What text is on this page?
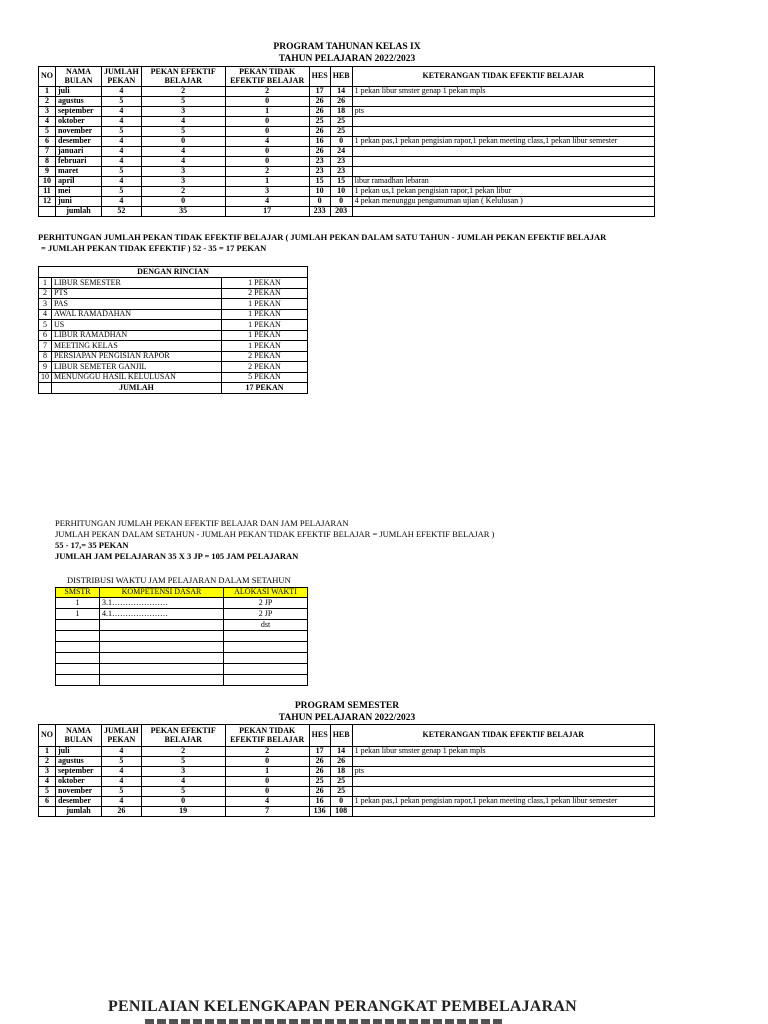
PROGRAM TAHUNAN KELAS IX
TAHUN PELAJARAN 2022/2023
NO	NAMA BULAN	JUMLAH PEKAN	PEKAN EFEKTIF BELAJAR	PEKAN TIDAK EFEKTIF BELAJAR	HES	HEB	KETERANGAN TIDAK EFEKTIF BELAJAR
1	juli	4	2	2	17	14	1 pekan libur smster genap 1 pekan mpls
2	agustus	5	5	0	26	26	
3	september	4	3	1	26	18	pts
4	oktober	4	4	0	25	25	
5	november	5	5	0	26	25	
6	desember	4	0	4	16	0	1 pekan pas,1 pekan pengisian rapor,1 pekan meeting class,1 pekan libur semester
7	januari	4	4	0	26	24	
8	februari	4	4	0	23	23	
9	maret	5	3	2	23	23	
10	april	4	3	1	15	15	libur ramadhan lebaran
11	mei	5	2	3	10	10	1 pekan us,1 pekan pengisian rapor,1 pekan libur
12	juni	4	0	4	0	0	4 pekan menunggu pengumuman ujian ( Kelulusan )
	jumlah	52	35	17	233	203	
PERHITUNGAN JUMLAH PEKAN TIDAK EFEKTIF BELAJAR ( JUMLAH PEKAN DALAM SATU TAHUN - JUMLAH PEKAN EFEKTIF BELAJAR
= JUMLAH PEKAN TIDAK EFEKTIF ) 52 - 35 = 17 PEKAN
DENGAN RINCIAN		
1	LIBUR SEMESTER	1 PEKAN
2	PTS	2 PEKAN
3	PAS	1 PEKAN
4	AWAL RAMADAHAN	1 PEKAN
5	US	1 PEKAN
6	LIBUR RAMADHAN	1 PEKAN
7	MEETING KELAS	1 PEKAN
8	PERSIAPAN PENGISIAN RAPOR	2 PEKAN
9	LIBUR SEMETER GANJIL	2 PEKAN
10	MENUNGGU HASIL KELULUSAN	5 PEKAN
	JUMLAH	17 PEKAN
PERHITUNGAN JUMLAH PEKAN EFEKTIF BELAJAR DAN JAM PELAJARAN
JUMLAH PEKAN DALAM SETAHUN - JUMLAH PEKAN TIDAK EFEKTIF BELAJAR = JUMLAH EFEKTIF BELAJAR )
55 - 17,= 35 PEKAN
JUMLAH JAM PELAJARAN 35 X 3 JP = 105 JAM PELAJARAN
DISTRIBUSI WAKTU JAM PELAJARAN DALAM SETAHUN
SMSTR	KOMPETENSI DASAR	ALOKASI WAKTI
1	3.1…………………	2 JP
1	4.1…………………	2 JP
		dst

PROGRAM SEMESTER
TAHUN PELAJARAN 2022/2023
NO	NAMA BULAN	JUMLAH PEKAN	PEKAN EFEKTIF BELAJAR	PEKAN TIDAK EFEKTIF BELAJAR	HES	HEB	KETERANGAN TIDAK EFEKTIF BELAJAR
1	juli	4	2	2	17	14	1 pekan libur smster genap 1 pekan mpls
2	agustus	5	5	0	26	26	
3	september	4	3	1	26	18	pts
4	oktober	4	4	0	25	25	
5	november	5	5	0	26	25	
6	desember	4	0	4	16	0	1 pekan pas,1 pekan pengisian rapor,1 pekan meeting class,1 pekan libur semester
	jumlah	26	19	7	136	108	
PENILAIAN KELENGKAPAN PERANGKAT PEMBELAJARAN
